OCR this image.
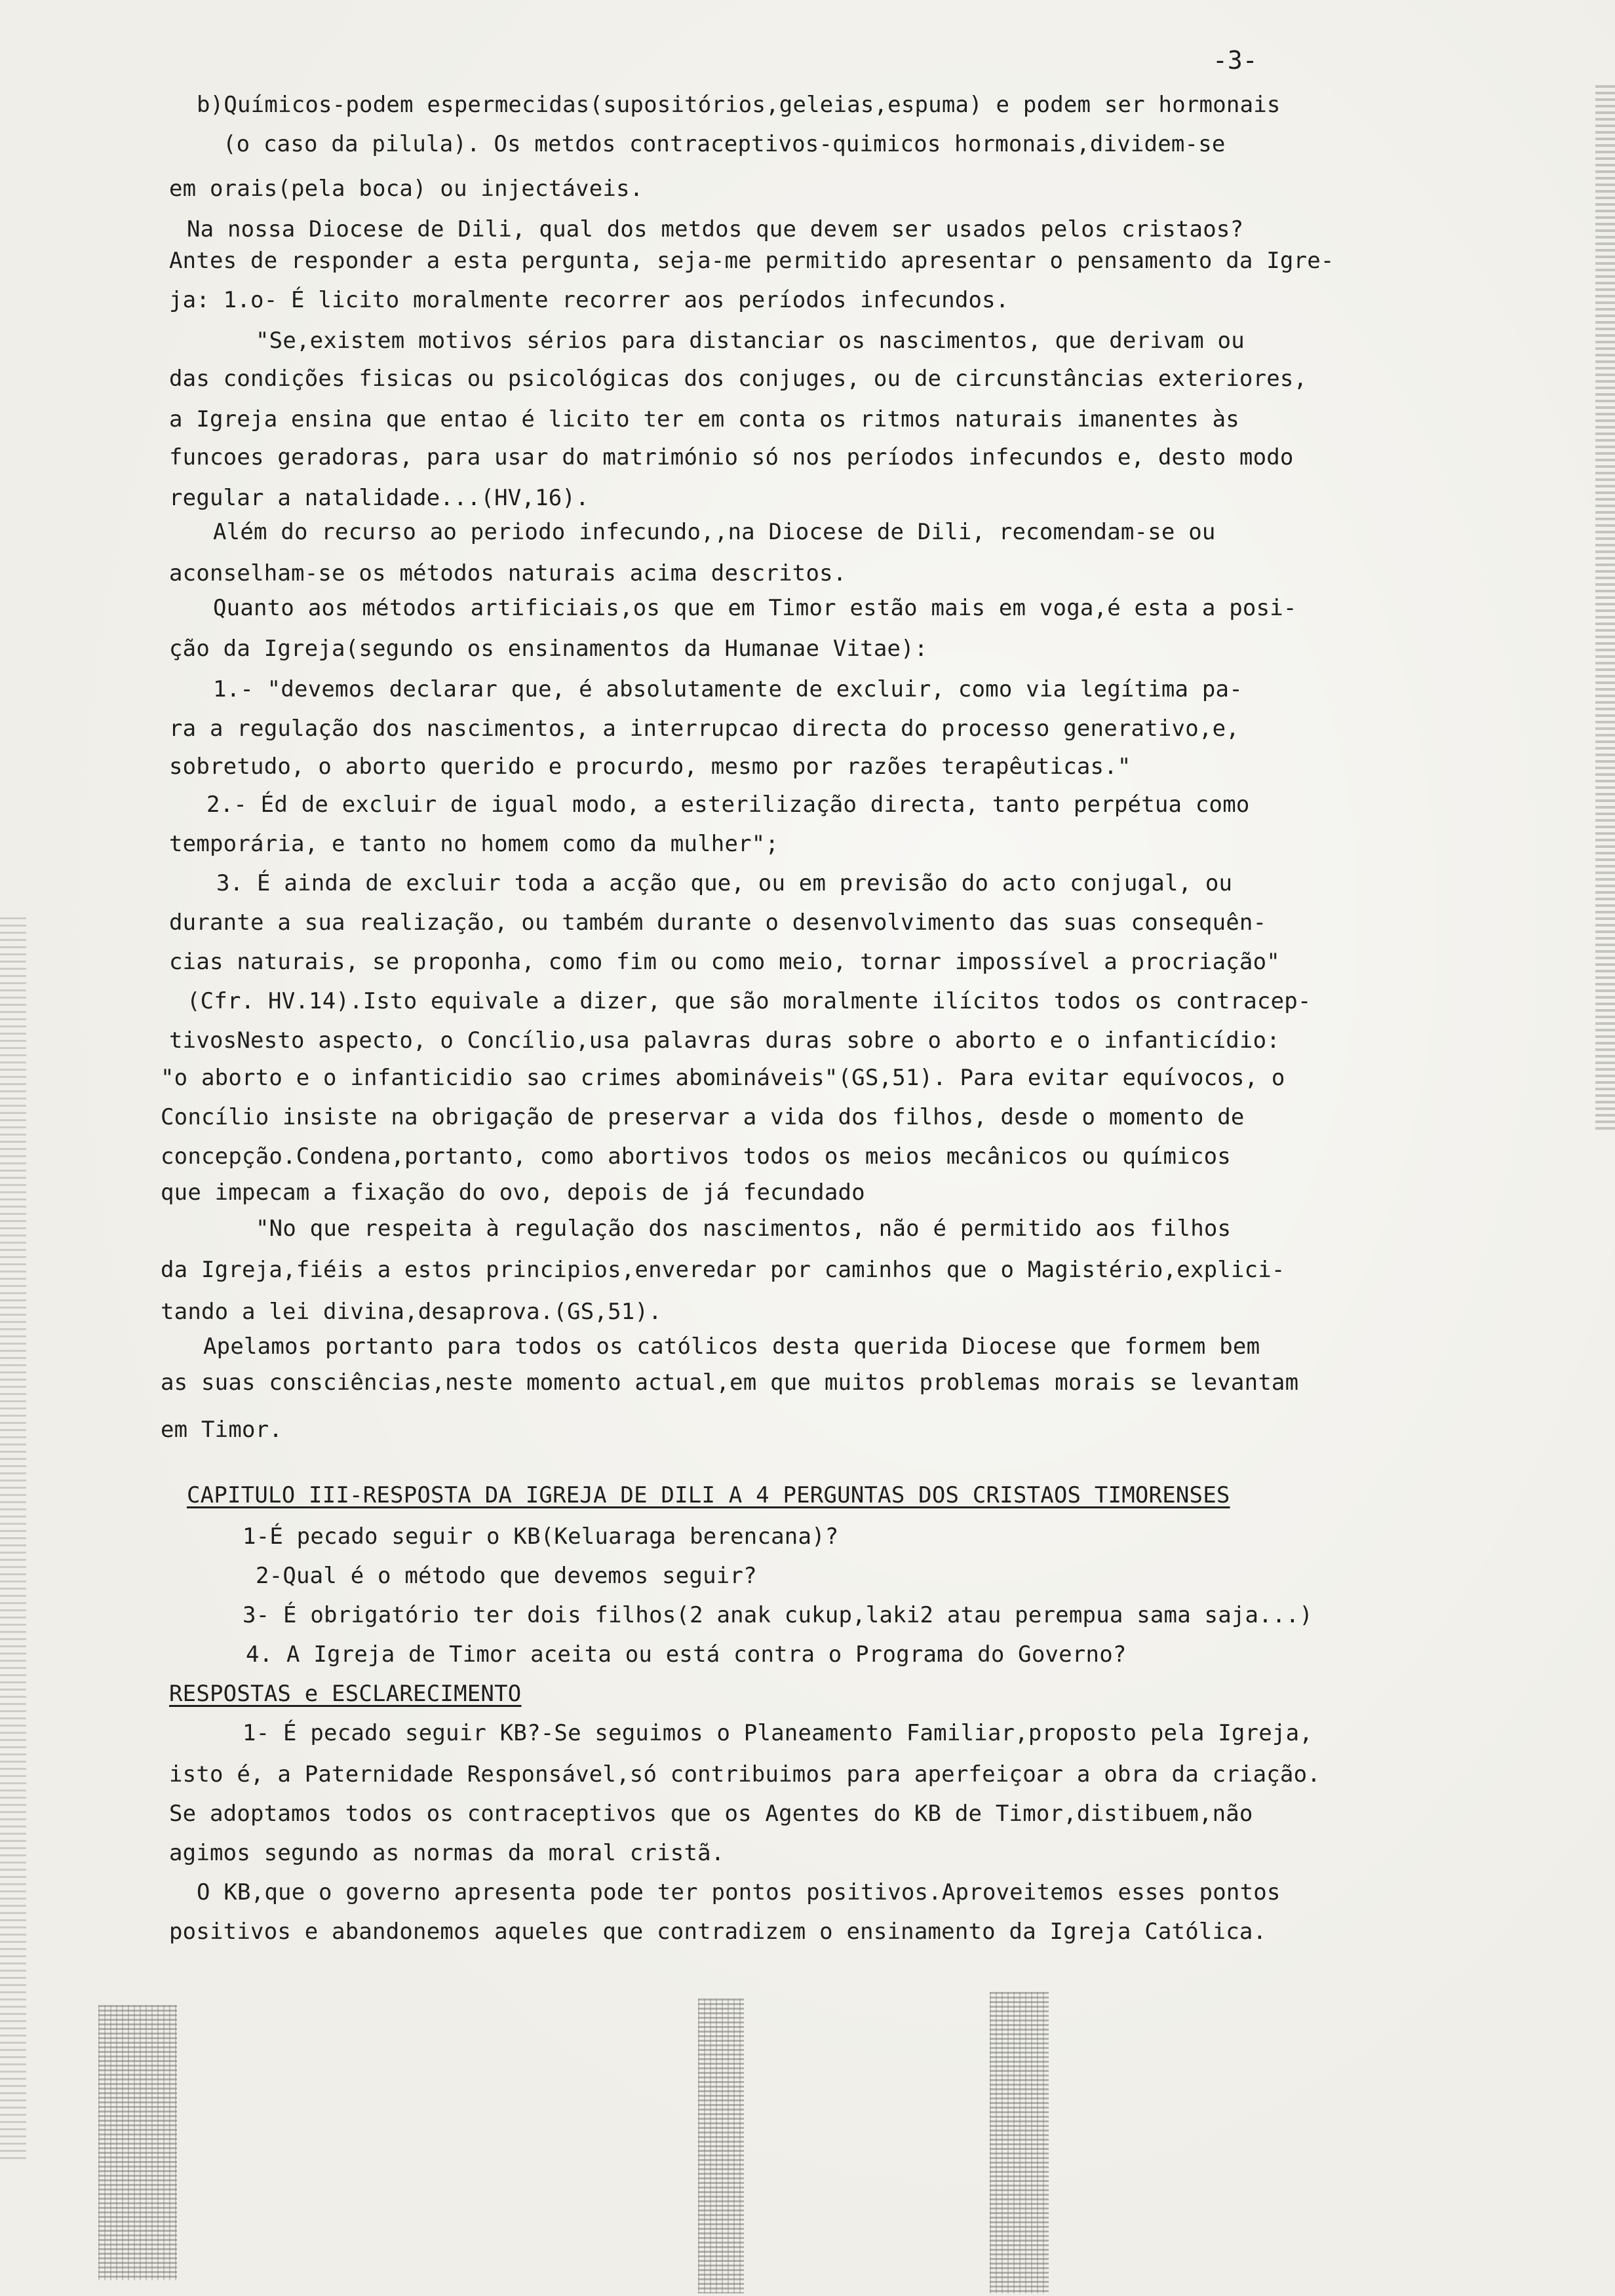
-3-
b)Químicos-podem espermecidas(supositórios,geleias,espuma) e podem ser hormonais
(o caso da pilula). Os metdos contraceptivos-quimicos hormonais,dividem-se
em orais(pela boca) ou injectáveis.
Na nossa Diocese de Dili, qual dos metdos que devem ser usados pelos cristaos?
Antes de responder a esta pergunta, seja-me permitido apresentar o pensamento da Igre-
ja: 1.o- É licito moralmente recorrer aos períodos infecundos.
"Se,existem motivos sérios para distanciar os nascimentos, que derivam ou
das condições fisicas ou psicológicas dos conjuges, ou de circunstâncias exteriores,
a Igreja ensina que entao é licito ter em conta os ritmos naturais imanentes às
funcoes geradoras, para usar do matrimónio só nos períodos infecundos e, desto modo
regular a natalidade...(HV,16).
Além do recurso ao periodo infecundo,,na Diocese de Dili, recomendam-se ou
aconselham-se os métodos naturais acima descritos.
Quanto aos métodos artificiais,os que em Timor estão mais em voga,é esta a posi-
ção da Igreja(segundo os ensinamentos da Humanae Vitae):
1.- "devemos declarar que, é absolutamente de excluir, como via legítima pa-
ra a regulação dos nascimentos, a interrupcao directa do processo generativo,e,
sobretudo, o aborto querido e procurdo, mesmo por razões terapêuticas."
2.- Éd de excluir de igual modo, a esterilização directa, tanto perpétua como
temporária, e tanto no homem como da mulher";
3. É ainda de excluir toda a acção que, ou em previsão do acto conjugal, ou
durante a sua realização, ou também durante o desenvolvimento das suas consequên-
cias naturais, se proponha, como fim ou como meio, tornar impossível a procriação"
(Cfr. HV.14).Isto equivale a dizer, que são moralmente ilícitos todos os contracep-
tivosNesto aspecto, o Concílio,usa palavras duras sobre o aborto e o infanticídio:
"o aborto e o infanticidio sao crimes abomináveis"(GS,51). Para evitar equívocos, o
Concílio insiste na obrigação de preservar a vida dos filhos, desde o momento de
concepção.Condena,portanto, como abortivos todos os meios mecânicos ou químicos
que impecam a fixação do ovo, depois de já fecundado
"No que respeita à regulação dos nascimentos, não é permitido aos filhos
da Igreja,fiéis a estos principios,enveredar por caminhos que o Magistério,explici-
tando a lei divina,desaprova.(GS,51).
Apelamos portanto para todos os católicos desta querida Diocese que formem bem
as suas consciências,neste momento actual,em que muitos problemas morais se levantam
em Timor.
CAPITULO III-RESPOSTA DA IGREJA DE DILI A 4 PERGUNTAS DOS CRISTAOS TIMORENSES
1-É pecado seguir o KB(Keluaraga berencana)?
2-Qual é o método que devemos seguir?
3- É obrigatório ter dois filhos(2 anak cukup,laki2 atau perempua sama saja...)
4. A Igreja de Timor aceita ou está contra o Programa do Governo?
RESPOSTAS e ESCLARECIMENTO
1- É pecado seguir KB?-Se seguimos o Planeamento Familiar,proposto pela Igreja,
isto é, a Paternidade Responsável,só contribuimos para aperfeiçoar a obra da criação.
Se adoptamos todos os contraceptivos que os Agentes do KB de Timor,distibuem,não
agimos segundo as normas da moral cristã.
O KB,que o governo apresenta pode ter pontos positivos.Aproveitemos esses pontos
positivos e abandonemos aqueles que contradizem o ensinamento da Igreja Católica.
